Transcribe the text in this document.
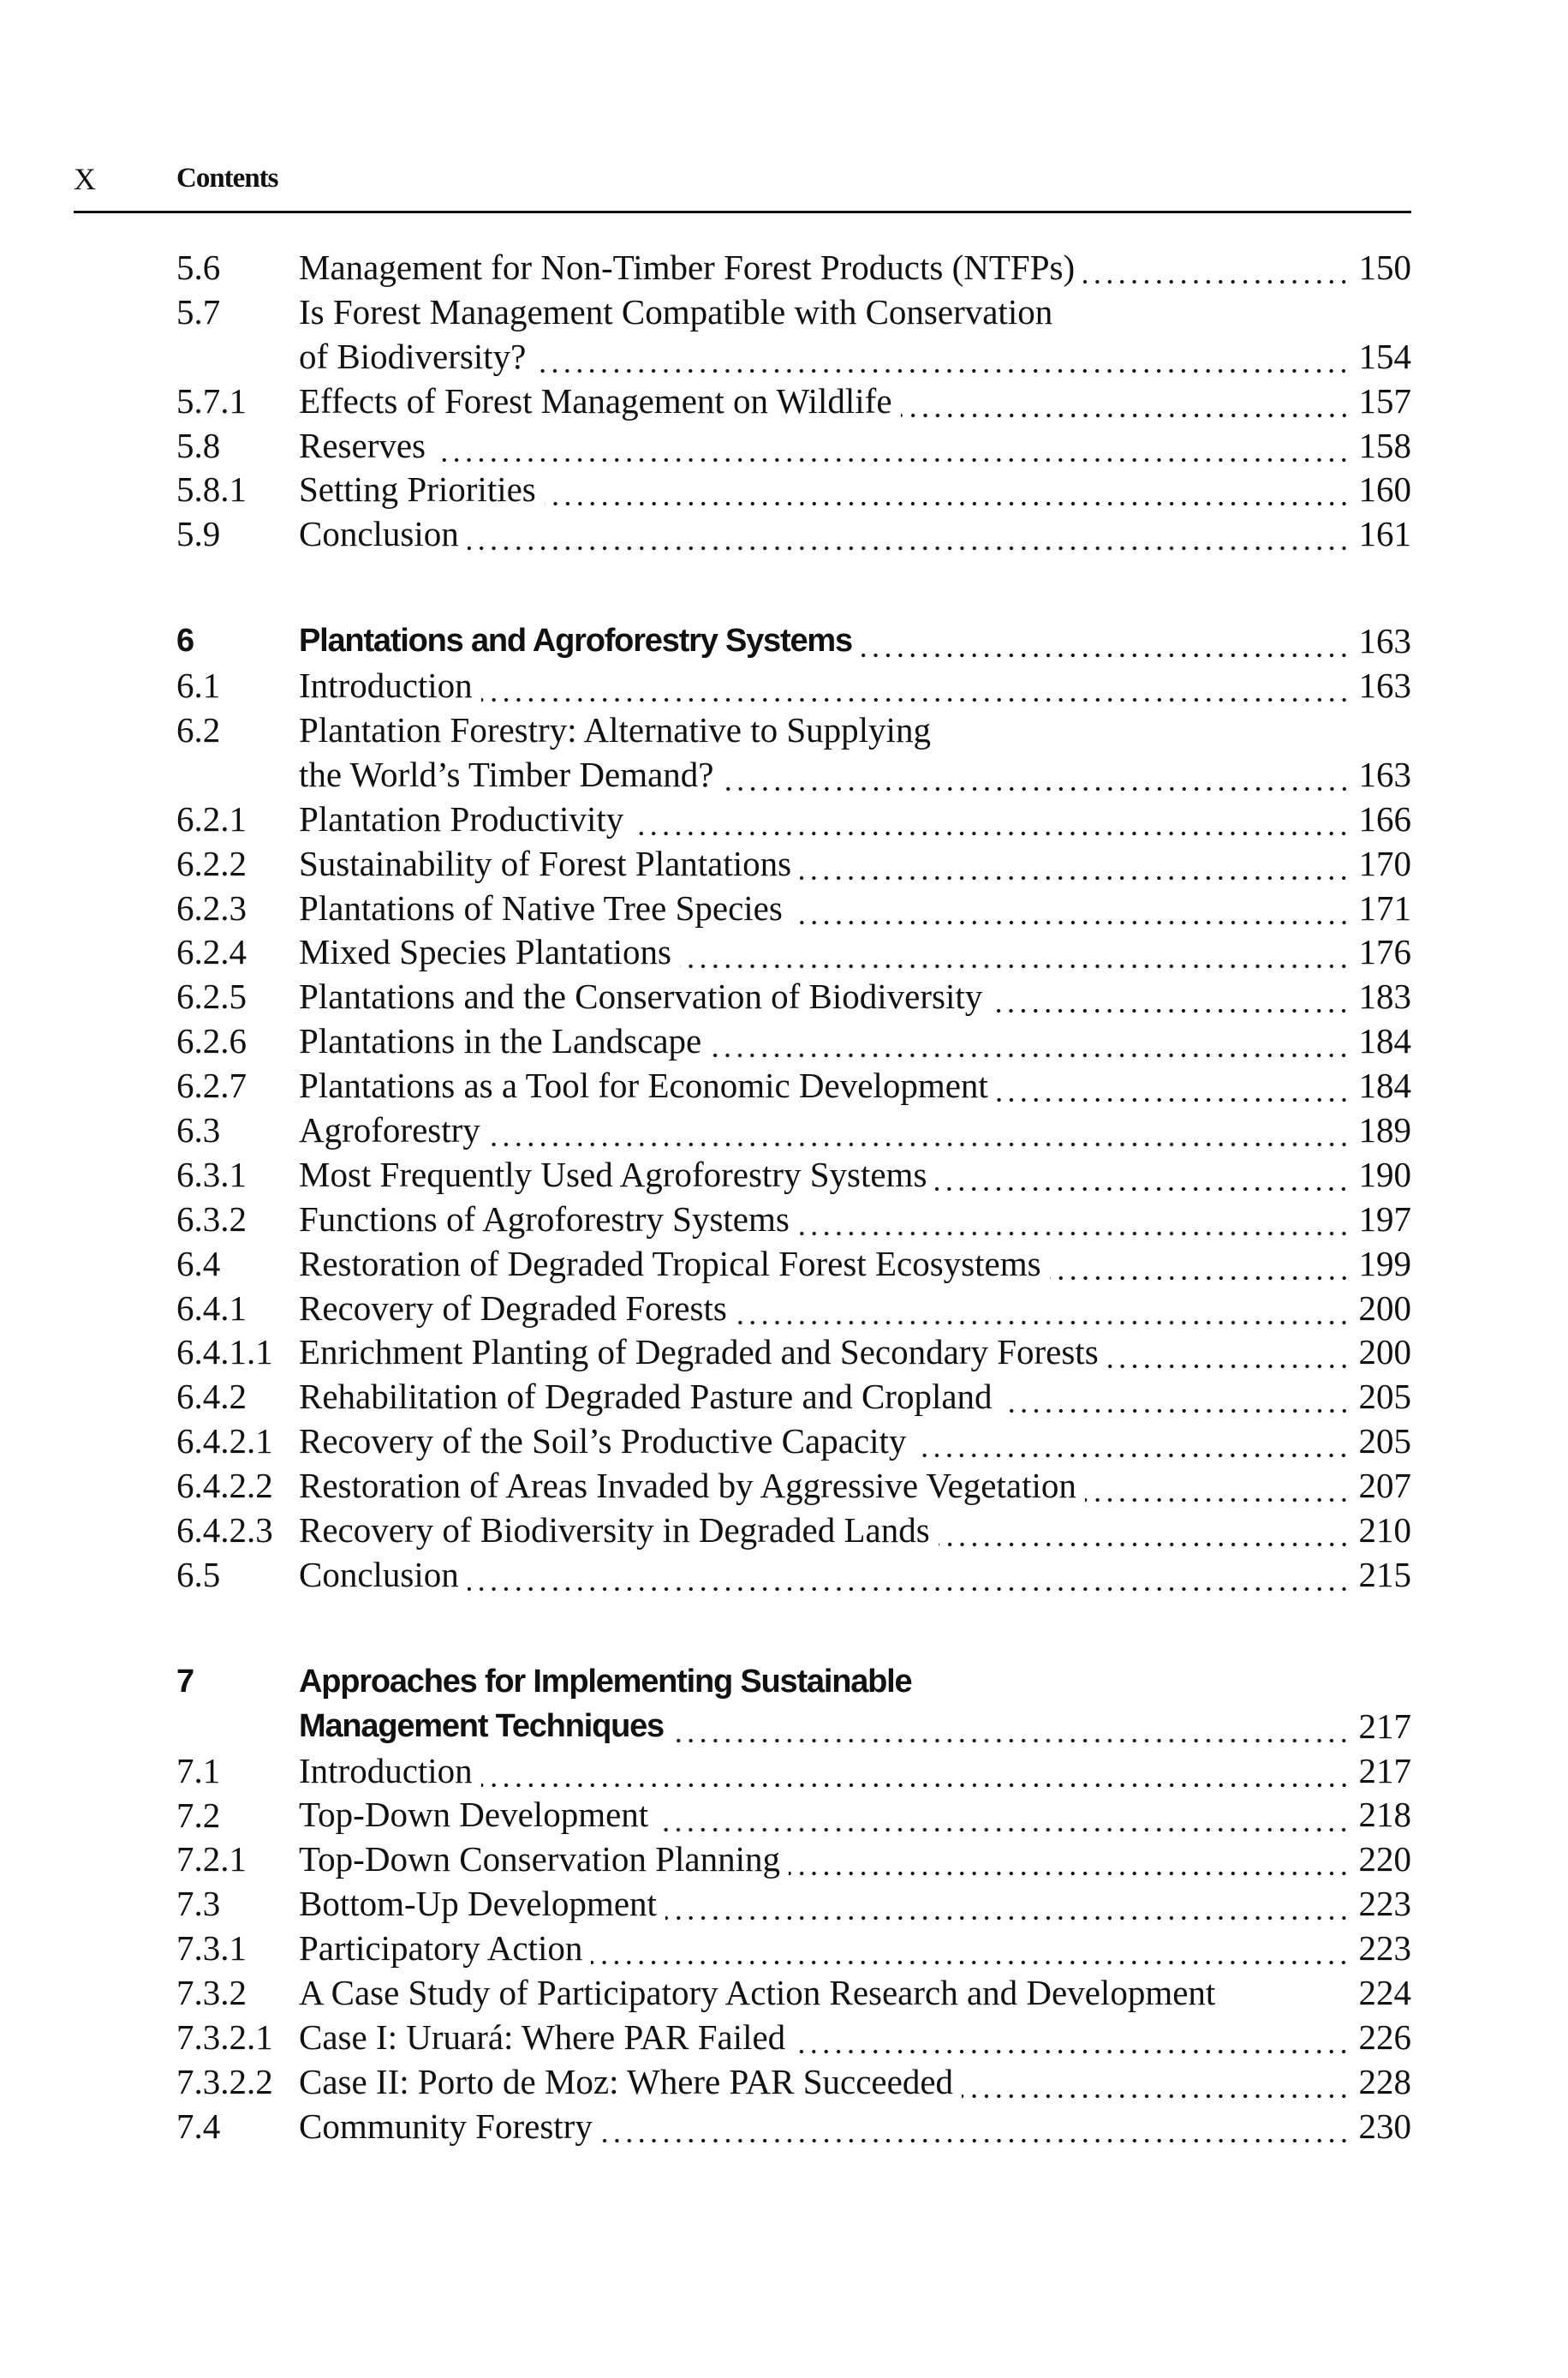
X	Contents
5.6	Management for Non-Timber Forest Products (NTFPs)	150
5.7	Is Forest Management Compatible with Conservation
of Biodiversity?	154
5.7.1	Effects of Forest Management on Wildlife	157
5.8	Reserves	158
5.8.1	Setting Priorities	160
5.9	Conclusion	161
6	Plantations and Agroforestry Systems	163
6.1	Introduction	163
6.2	Plantation Forestry: Alternative to Supplying
the World’s Timber Demand?	163
6.2.1	Plantation Productivity	166
6.2.2	Sustainability of Forest Plantations	170
6.2.3	Plantations of Native Tree Species	171
6.2.4	Mixed Species Plantations	176
6.2.5	Plantations and the Conservation of Biodiversity	183
6.2.6	Plantations in the Landscape	184
6.2.7	Plantations as a Tool for Economic Development	184
6.3	Agroforestry	189
6.3.1	Most Frequently Used Agroforestry Systems	190
6.3.2	Functions of Agroforestry Systems	197
6.4	Restoration of Degraded Tropical Forest Ecosystems	199
6.4.1	Recovery of Degraded Forests	200
6.4.1.1 Enrichment Planting of Degraded and Secondary Forests	200
6.4.2	Rehabilitation of Degraded Pasture and Cropland	205
6.4.2.1 Recovery of the Soil’s Productive Capacity	205
6.4.2.2 Restoration of Areas Invaded by Aggressive Vegetation	207
6.4.2.3 Recovery of Biodiversity in Degraded Lands	210
6.5	Conclusion	215
7	Approaches for Implementing Sustainable
Management Techniques	217
7.1	Introduction	217
7.2	Top-Down Development	218
7.2.1	Top-Down Conservation Planning	220
7.3	Bottom-Up Development	223
7.3.1	Participatory Action	223
7.3.2	A Case Study of Participatory Action Research and Development	224
7.3.2.1 Case I: Uruará: Where PAR Failed	226
7.3.2.2 Case II: Porto de Moz: Where PAR Succeeded	228
7.4	Community Forestry	230
